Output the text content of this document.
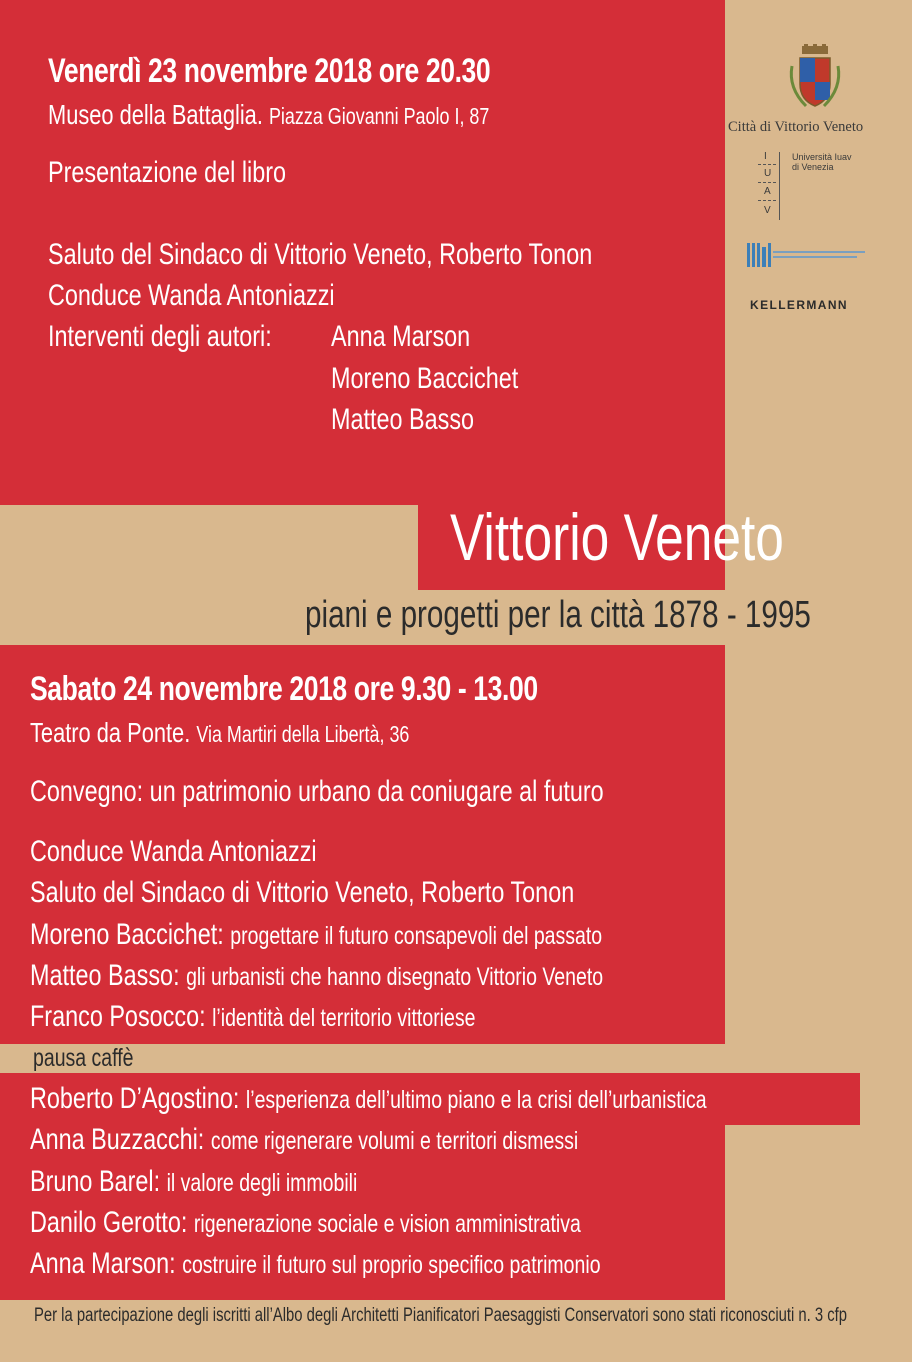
Venerdì 23 novembre 2018 ore 20.30
Museo della Battaglia. Piazza Giovanni Paolo I, 87
Presentazione del libro
Saluto del Sindaco di Vittorio Veneto, Roberto Tonon
Conduce Wanda Antoniazzi
Interventi degli autori: Anna Marson
Moreno Baccichet
Matteo Basso
Città di Vittorio Veneto
I
U
A
V
Università Iuav
di Venezia
KELLERMANN
Vittorio Veneto
piani e progetti per la città 1878 - 1995
Sabato 24 novembre 2018 ore 9.30 - 13.00
Teatro da Ponte. Via Martiri della Libertà, 36
Convegno: un patrimonio urbano da coniugare al futuro
Conduce Wanda Antoniazzi
Saluto del Sindaco di Vittorio Veneto, Roberto Tonon
Moreno Baccichet: progettare il futuro consapevoli del passato
Matteo Basso: gli urbanisti che hanno disegnato Vittorio Veneto
Franco Posocco: l’identità del territorio vittoriese
pausa caffè
Roberto D’Agostino: l’esperienza dell’ultimo piano e la crisi dell’urbanistica
Anna Buzzacchi: come rigenerare volumi e territori dismessi
Bruno Barel: il valore degli immobili
Danilo Gerotto: rigenerazione sociale e vision amministrativa
Anna Marson: costruire il futuro sul proprio specifico patrimonio
Per la partecipazione degli iscritti all’Albo degli Architetti Pianificatori Paesaggisti Conservatori sono stati riconosciuti n. 3 cfp
